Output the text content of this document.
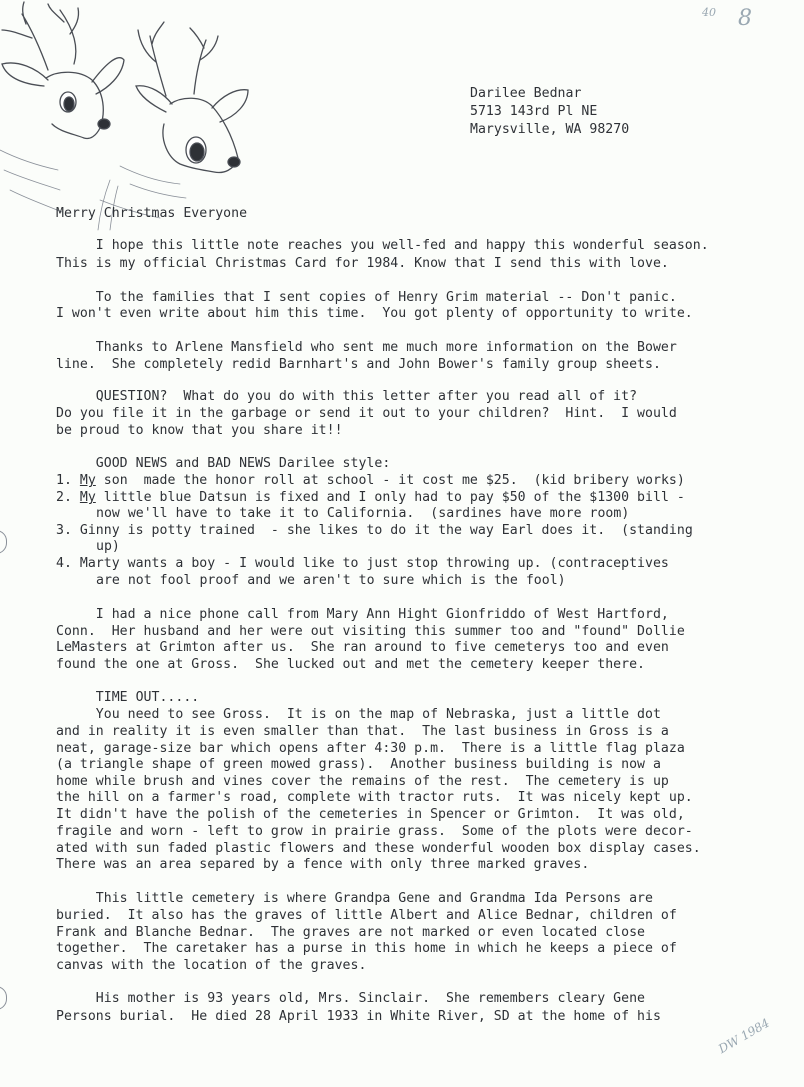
40 8
Darilee Bednar
5713 143rd Pl NE
Marysville, WA 98270
Merry Christmas Everyone
I hope this little note reaches you well-fed and happy this wonderful season.
This is my official Christmas Card for 1984. Know that I send this with love.
To the families that I sent copies of Henry Grim material -- Don't panic.
I won't even write about him this time.  You got plenty of opportunity to write.
Thanks to Arlene Mansfield who sent me much more information on the Bower
line.  She completely redid Barnhart's and John Bower's family group sheets.
QUESTION?  What do you do with this letter after you read all of it?
Do you file it in the garbage or send it out to your children?  Hint.  I would
be proud to know that you share it!!
GOOD NEWS and BAD NEWS Darilee style:
1. My son  made the honor roll at school - it cost me $25.  (kid bribery works)
2. My little blue Datsun is fixed and I only had to pay $50 of the $1300 bill -
now we'll have to take it to California.  (sardines have more room)
3. Ginny is potty trained  - she likes to do it the way Earl does it.  (standing
up)
4. Marty wants a boy - I would like to just stop throwing up. (contraceptives
are not fool proof and we aren't to sure which is the fool)
I had a nice phone call from Mary Ann Hight Gionfriddo of West Hartford,
Conn.  Her husband and her were out visiting this summer too and "found" Dollie
LeMasters at Grimton after us.  She ran around to five cemeterys too and even
found the one at Gross.  She lucked out and met the cemetery keeper there.
TIME OUT.....
You need to see Gross.  It is on the map of Nebraska, just a little dot
and in reality it is even smaller than that.  The last business in Gross is a
neat, garage-size bar which opens after 4:30 p.m.  There is a little flag plaza
(a triangle shape of green mowed grass).  Another business building is now a
home while brush and vines cover the remains of the rest.  The cemetery is up
the hill on a farmer's road, complete with tractor ruts.  It was nicely kept up.
It didn't have the polish of the cemeteries in Spencer or Grimton.  It was old,
fragile and worn - left to grow in prairie grass.  Some of the plots were decor-
ated with sun faded plastic flowers and these wonderful wooden box display cases.
There was an area separed by a fence with only three marked graves.
This little cemetery is where Grandpa Gene and Grandma Ida Persons are
buried.  It also has the graves of little Albert and Alice Bednar, children of
Frank and Blanche Bednar.  The graves are not marked or even located close
together.  The caretaker has a purse in this home in which he keeps a piece of
canvas with the location of the graves.
His mother is 93 years old, Mrs. Sinclair.  She remembers cleary Gene
Persons burial.  He died 28 April 1933 in White River, SD at the home of his	DW 1984
